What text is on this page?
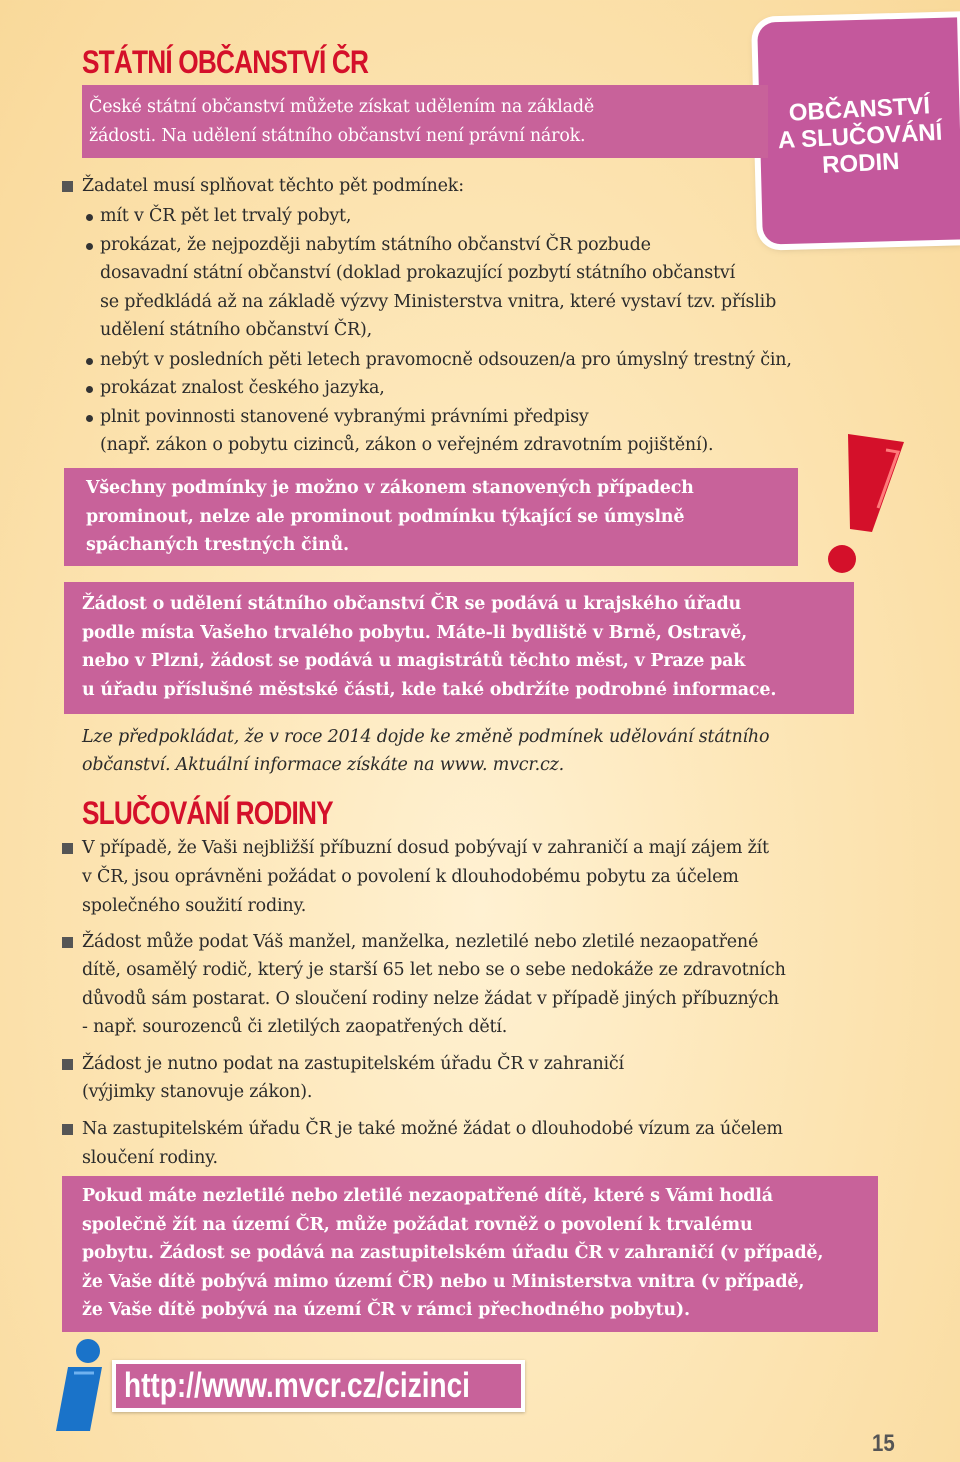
STÁTNÍ OBČANSTVÍ ČR
OBČANSTVÍ
A SLUČOVÁNÍ
RODIN
České státní občanství můžete získat udělením na základě
žádosti. Na udělení státního občanství není právní nárok.
Žadatel musí splňovat těchto pět podmínek:
mít v ČR pět let trvalý pobyt,
prokázat, že nejpozději nabytím státního občanství ČR pozbude
dosavadní státní občanství (doklad prokazující pozbytí státního občanství
se předkládá až na základě výzvy Ministerstva vnitra, které vystaví tzv. příslib
udělení státního občanství ČR),
nebýt v posledních pěti letech pravomocně odsouzen/a pro úmyslný trestný čin,
prokázat znalost českého jazyka,
plnit povinnosti stanovené vybranými právními předpisy
(např. zákon o pobytu cizinců, zákon o veřejném zdravotním pojištění).
Všechny podmínky je možno v zákonem stanovených případech
prominout, nelze ale prominout podmínku týkající se úmyslně
spáchaných trestných činů.
Žádost o udělení státního občanství ČR se podává u krajského úřadu
podle místa Vašeho trvalého pobytu. Máte-li bydliště v Brně, Ostravě,
nebo v Plzni, žádost se podává u magistrátů těchto měst, v Praze pak
u úřadu příslušné městské části, kde také obdržíte podrobné informace.
Lze předpokládat, že v roce 2014 dojde ke změně podmínek udělování státního
občanství. Aktuální informace získáte na www. mvcr.cz.
SLUČOVÁNÍ RODINY
V případě, že Vaši nejbližší příbuzní dosud pobývají v zahraničí a mají zájem žít
v ČR, jsou oprávněni požádat o povolení k dlouhodobému pobytu za účelem
společného soužití rodiny.
Žádost může podat Váš manžel, manželka, nezletilé nebo zletilé nezaopatřené
dítě, osamělý rodič, který je starší 65 let nebo se o sebe nedokáže ze zdravotních
důvodů sám postarat. O sloučení rodiny nelze žádat v případě jiných příbuzných
- např. sourozenců či zletilých zaopatřených dětí.
Žádost je nutno podat na zastupitelském úřadu ČR v zahraničí
(výjimky stanovuje zákon).
Na zastupitelském úřadu ČR je také možné žádat o dlouhodobé vízum za účelem
sloučení rodiny.
Pokud máte nezletilé nebo zletilé nezaopatřené dítě, které s Vámi hodlá
společně žít na území ČR, může požádat rovněž o povolení k trvalému
pobytu. Žádost se podává na zastupitelském úřadu ČR v zahraničí (v případě,
že Vaše dítě pobývá mimo území ČR) nebo u Ministerstva vnitra (v případě,
že Vaše dítě pobývá na území ČR v rámci přechodného pobytu).
http://www.mvcr.cz/cizinci
15
